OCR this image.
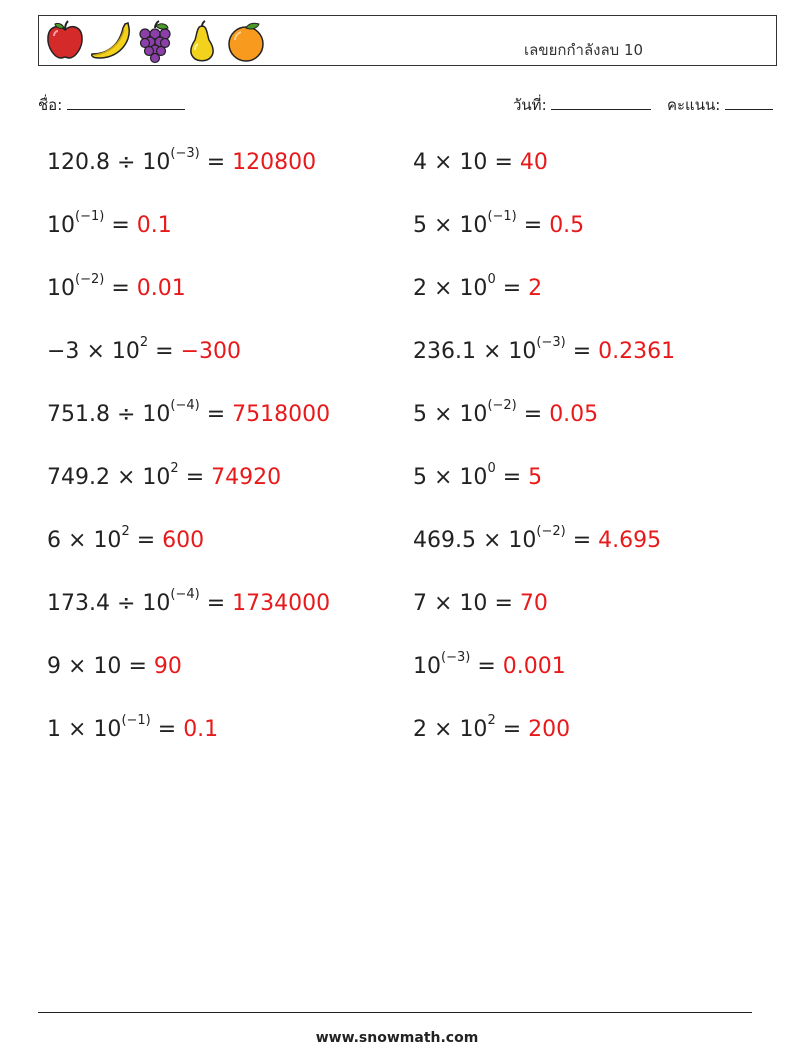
เลขยกกำลังลบ 10
ชื่อ:	วันที่:	คะแนน:
$120.8 \div 10^{(-3)} = 120800$	4 × 10 = 40
$10^{(-1)} = 0.1$	$5 \times 10^{(-1)} = 0.5$
$10^{(-2)} = 0.01$	$2 \times 10^0 = 2$
$-3 \times 10^2 = -300$	$236.1 \times 10^{(-3)} = 0.2361$
$751.8 \div 10^{(-4)} = 7518000$	$5 \times 10^{(-2)} = 0.05$
$749.2 \times 10^2 = 74920$	$5 \times 10^0 = 5$
$6 \times 10^2 = 600$	$469.5 \times 10^{(-2)} = 4.695$
$173.4 \div 10^{(-4)} = 1734000$	7 × 10 = 70
9 × 10 = 90	$10^{(-3)} = 0.001$
$1 \times 10^{(-1)} = 0.1$	$2 \times 10^2 = 200$
www.snowmath.com
